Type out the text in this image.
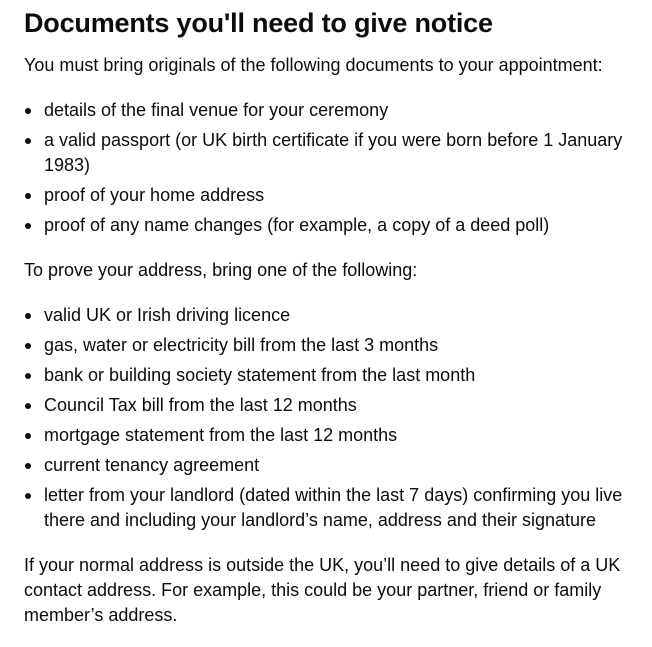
Documents you'll need to give notice

You must bring originals of the following documents to your appointment:

details of the final venue for your ceremony
a valid passport (or UK birth certificate if you were born before 1 January 1983)
proof of your home address
proof of any name changes (for example, a copy of a deed poll)

To prove your address, bring one of the following:

valid UK or Irish driving licence
gas, water or electricity bill from the last 3 months
bank or building society statement from the last month
Council Tax bill from the last 12 months
mortgage statement from the last 12 months
current tenancy agreement
letter from your landlord (dated within the last 7 days) confirming you live there and including your landlord’s name, address and their signature

If your normal address is outside the UK, you’ll need to give details of a UK contact address. For example, this could be your partner, friend or family member’s address.
